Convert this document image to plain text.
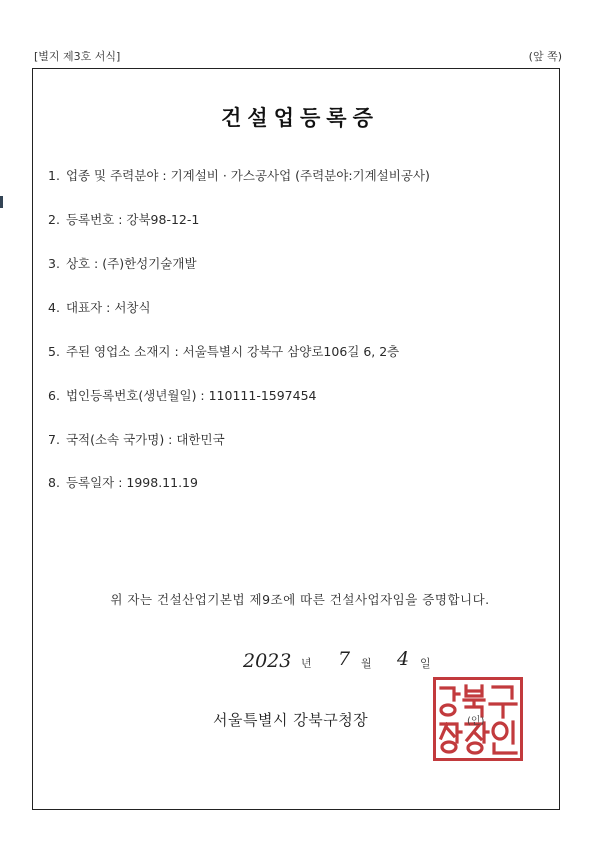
[별지 제3호 서식]	(앞 쪽)
건설업등록증
1. 업종 및 주력분야 : 기계설비 · 가스공사업 (주력분야:기계설비공사)
2. 등록번호 : 강북98-12-1
3. 상호 : (주)한성기술개발
4. 대표자 : 서창식
5. 주된 영업소 소재지 : 서울특별시 강북구 삼양로106길 6, 2층
6. 법인등록번호(생년월일) : 110111-1597454
7. 국적(소속 국가명) : 대한민국
8. 등록일자 : 1998.11.19
위 자는 건설산업기본법 제9조에 따른 건설사업자임을 증명합니다.
2023 년 7 월 4 일
서울특별시 강북구청장	(인)
